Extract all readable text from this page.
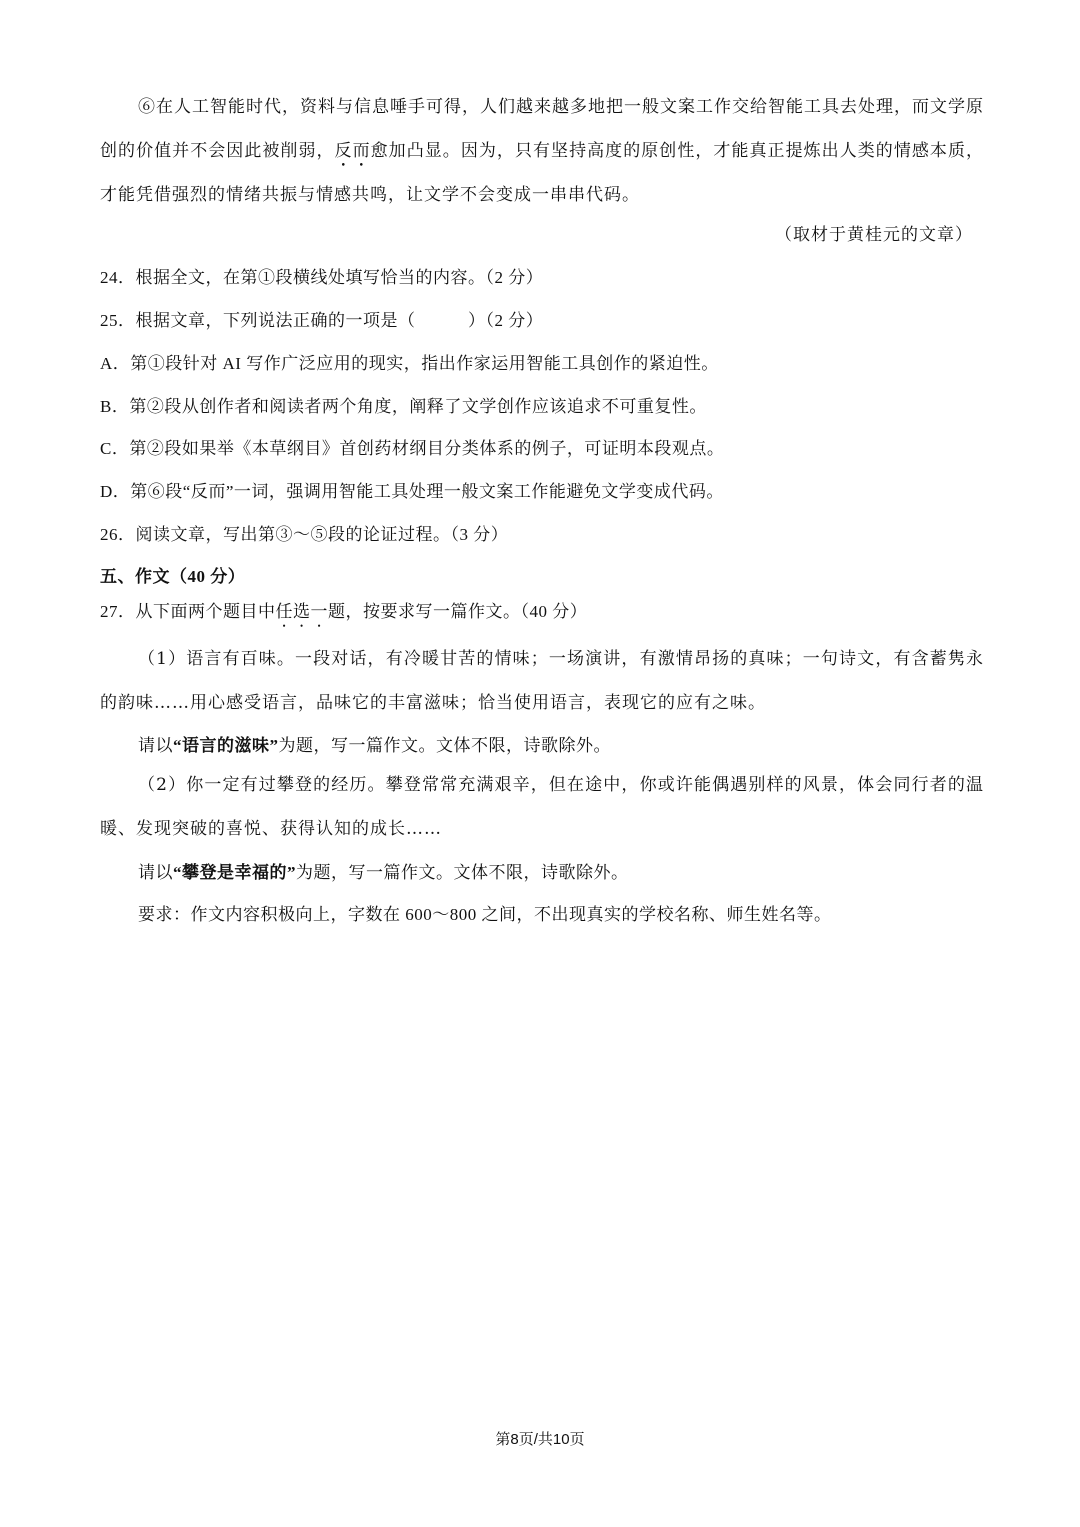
⑥在人工智能时代，资料与信息唾手可得，人们越来越多地把一般文案工作交给智能工具去处理，而文学原创的价值并不会因此被削弱，反而愈加凸显。因为，只有坚持高度的原创性，才能真正提炼出人类的情感本质，才能凭借强烈的情绪共振与情感共鸣，让文学不会变成一串串代码。
（取材于黄桂元的文章）
24．根据全文，在第①段横线处填写恰当的内容。（2 分）
25．根据文章，下列说法正确的一项是（　　　）（2 分）
A．第①段针对 AI 写作广泛应用的现实，指出作家运用智能工具创作的紧迫性。
B．第②段从创作者和阅读者两个角度，阐释了文学创作应该追求不可重复性。
C．第②段如果举《本草纲目》首创药材纲目分类体系的例子，可证明本段观点。
D．第⑥段“反而”一词，强调用智能工具处理一般文案工作能避免文学变成代码。
26．阅读文章，写出第③～⑤段的论证过程。（3 分）
五、作文（40 分）
27．从下面两个题目中任选一题，按要求写一篇作文。（40 分）
（1）语言有百味。一段对话，有冷暖甘苦的情味；一场演讲，有激情昂扬的真味；一句诗文，有含蓄隽永的韵味……用心感受语言，品味它的丰富滋味；恰当使用语言，表现它的应有之味。
请以“语言的滋味”为题，写一篇作文。文体不限，诗歌除外。
（2）你一定有过攀登的经历。攀登常常充满艰辛，但在途中，你或许能偶遇别样的风景，体会同行者的温暖、发现突破的喜悦、获得认知的成长……
请以“攀登是幸福的”为题，写一篇作文。文体不限，诗歌除外。
要求：作文内容积极向上，字数在 600～800 之间，不出现真实的学校名称、师生姓名等。
第8页/共10页
